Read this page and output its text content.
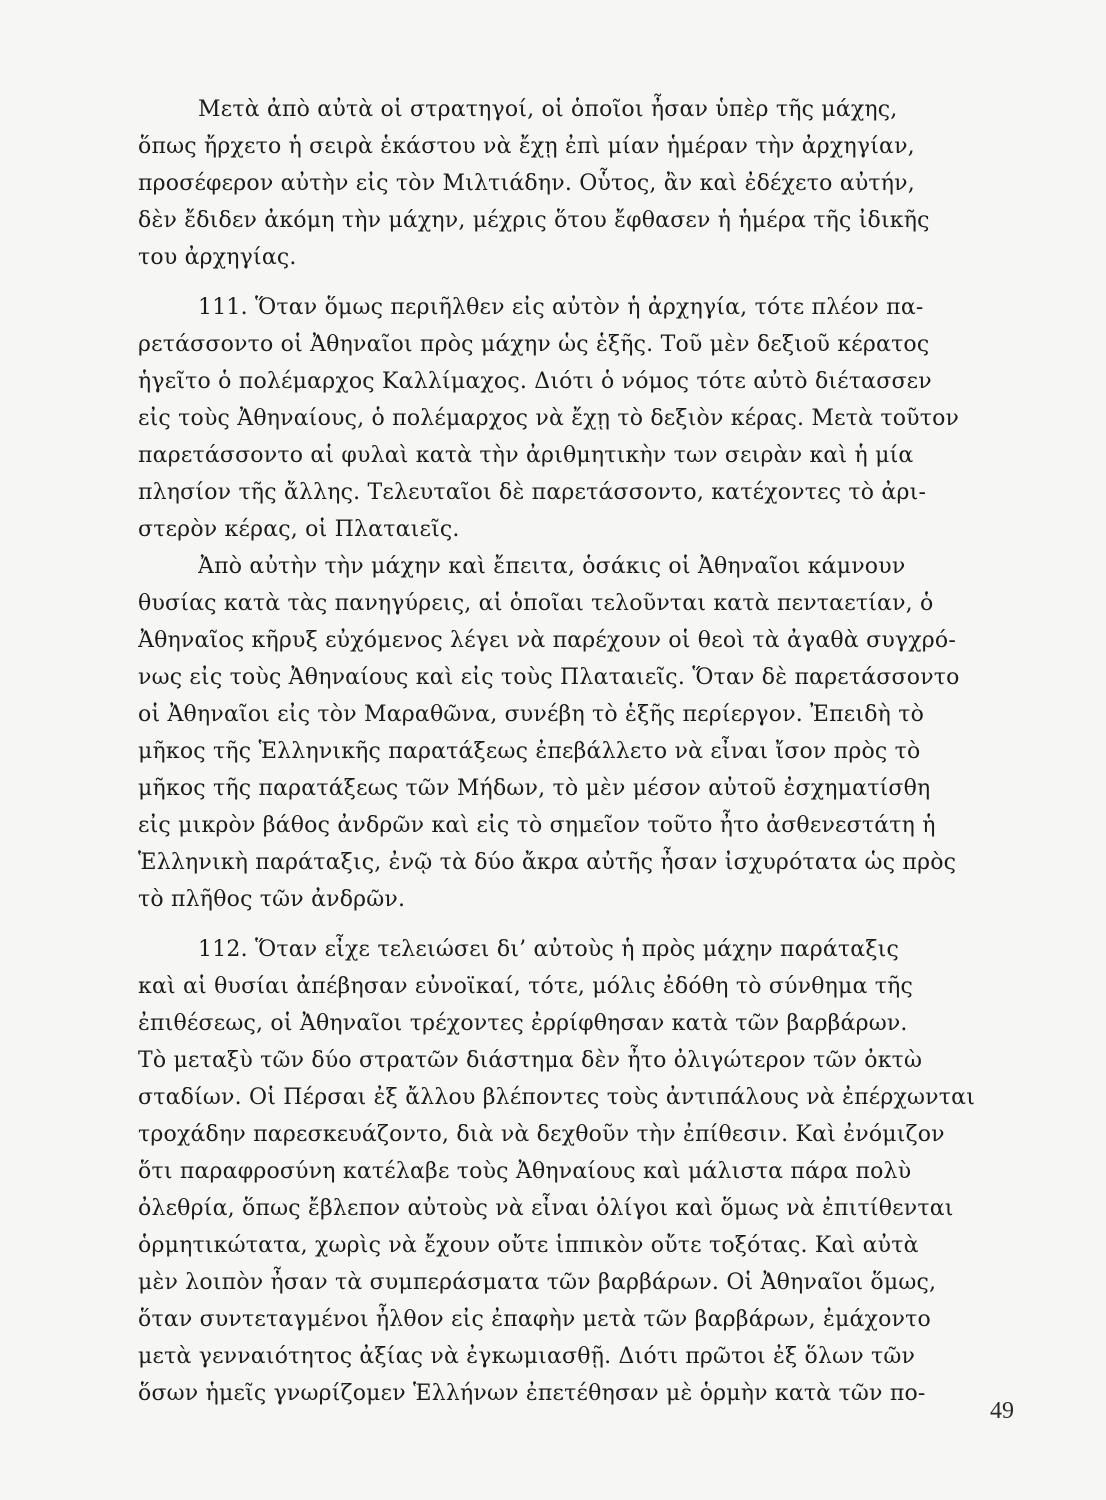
Μετὰ ἀπὸ αὐτὰ οἱ στρατηγοί, οἱ ὁποῖοι ἦσαν ὑπὲρ τῆς μάχης,
ὅπως ἤρχετο ἡ σειρὰ ἑκάστου νὰ ἔχῃ ἐπὶ μίαν ἡμέραν τὴν ἀρχηγίαν,
προσέφερον αὐτὴν εἰς τὸν Μιλτιάδην. Οὗτος, ἂν καὶ ἐδέχετο αὐτήν,
δὲν ἔδιδεν ἀκόμη τὴν μάχην, μέχρις ὅτου ἔφθασεν ἡ ἡμέρα τῆς ἰδικῆς
του ἀρχηγίας.
111. Ὅταν ὅμως περιῆλθεν εἰς αὐτὸν ἡ ἀρχηγία, τότε πλέον πα-
ρετάσσοντο οἱ Ἀθηναῖοι πρὸς μάχην ὡς ἑξῆς. Τοῦ μὲν δεξιοῦ κέρατος
ἡγεῖτο ὁ πολέμαρχος Καλλίμαχος. Διότι ὁ νόμος τότε αὐτὸ διέτασσεν
εἰς τοὺς Ἀθηναίους, ὁ πολέμαρχος νὰ ἔχῃ τὸ δεξιὸν κέρας. Μετὰ τοῦτον
παρετάσσοντο αἱ φυλαὶ κατὰ τὴν ἀριθμητικὴν των σειρὰν καὶ ἡ μία
πλησίον τῆς ἄλλης. Τελευταῖοι δὲ παρετάσσοντο, κατέχοντες τὸ ἀρι-
στερὸν κέρας, οἱ Πλαταιεῖς.
Ἀπὸ αὐτὴν τὴν μάχην καὶ ἔπειτα, ὁσάκις οἱ Ἀθηναῖοι κάμνουν
θυσίας κατὰ τὰς πανηγύρεις, αἱ ὁποῖαι τελοῦνται κατὰ πενταετίαν, ὁ
Ἀθηναῖος κῆρυξ εὐχόμενος λέγει νὰ παρέχουν οἱ θεοὶ τὰ ἀγαθὰ συγχρό-
νως εἰς τοὺς Ἀθηναίους καὶ εἰς τοὺς Πλαταιεῖς. Ὅταν δὲ παρετάσσοντο
οἱ Ἀθηναῖοι εἰς τὸν Μαραθῶνα, συνέβη τὸ ἑξῆς περίεργον. Ἐπειδὴ τὸ
μῆκος τῆς Ἑλληνικῆς παρατάξεως ἐπεβάλλετο νὰ εἶναι ἴσον πρὸς τὸ
μῆκος τῆς παρατάξεως τῶν Μήδων, τὸ μὲν μέσον αὐτοῦ ἐσχηματίσθη
εἰς μικρὸν βάθος ἀνδρῶν καὶ εἰς τὸ σημεῖον τοῦτο ἦτο ἀσθενεστάτη ἡ
Ἑλληνικὴ παράταξις, ἐνῷ τὰ δύο ἄκρα αὐτῆς ἦσαν ἰσχυρότατα ὡς πρὸς
τὸ πλῆθος τῶν ἀνδρῶν.
112. Ὅταν εἶχε τελειώσει δι’ αὐτοὺς ἡ πρὸς μάχην παράταξις
καὶ αἱ θυσίαι ἀπέβησαν εὐνοϊκαί, τότε, μόλις ἐδόθη τὸ σύνθημα τῆς
ἐπιθέσεως, οἱ Ἀθηναῖοι τρέχοντες ἐρρίφθησαν κατὰ τῶν βαρβάρων.
Τὸ μεταξὺ τῶν δύο στρατῶν διάστημα δὲν ἦτο ὀλιγώτερον τῶν ὀκτὼ
σταδίων. Οἱ Πέρσαι ἐξ ἄλλου βλέποντες τοὺς ἀντιπάλους νὰ ἐπέρχωνται
τροχάδην παρεσκευάζοντο, διὰ νὰ δεχθοῦν τὴν ἐπίθεσιν. Καὶ ἐνόμιζον
ὅτι παραφροσύνη κατέλαβε τοὺς Ἀθηναίους καὶ μάλιστα πάρα πολὺ
ὀλεθρία, ὅπως ἔβλεπον αὐτοὺς νὰ εἶναι ὀλίγοι καὶ ὅμως νὰ ἐπιτίθενται
ὁρμητικώτατα, χωρὶς νὰ ἔχουν οὔτε ἱππικὸν οὔτε τοξότας. Καὶ αὐτὰ
μὲν λοιπὸν ἦσαν τὰ συμπεράσματα τῶν βαρβάρων. Οἱ Ἀθηναῖοι ὅμως,
ὅταν συντεταγμένοι ἦλθον εἰς ἐπαφὴν μετὰ τῶν βαρβάρων, ἐμάχοντο
μετὰ γενναιότητος ἀξίας νὰ ἐγκωμιασθῇ. Διότι πρῶτοι ἐξ ὅλων τῶν
ὅσων ἡμεῖς γνωρίζομεν Ἑλλήνων ἐπετέθησαν μὲ ὁρμὴν κατὰ τῶν πο-
49
